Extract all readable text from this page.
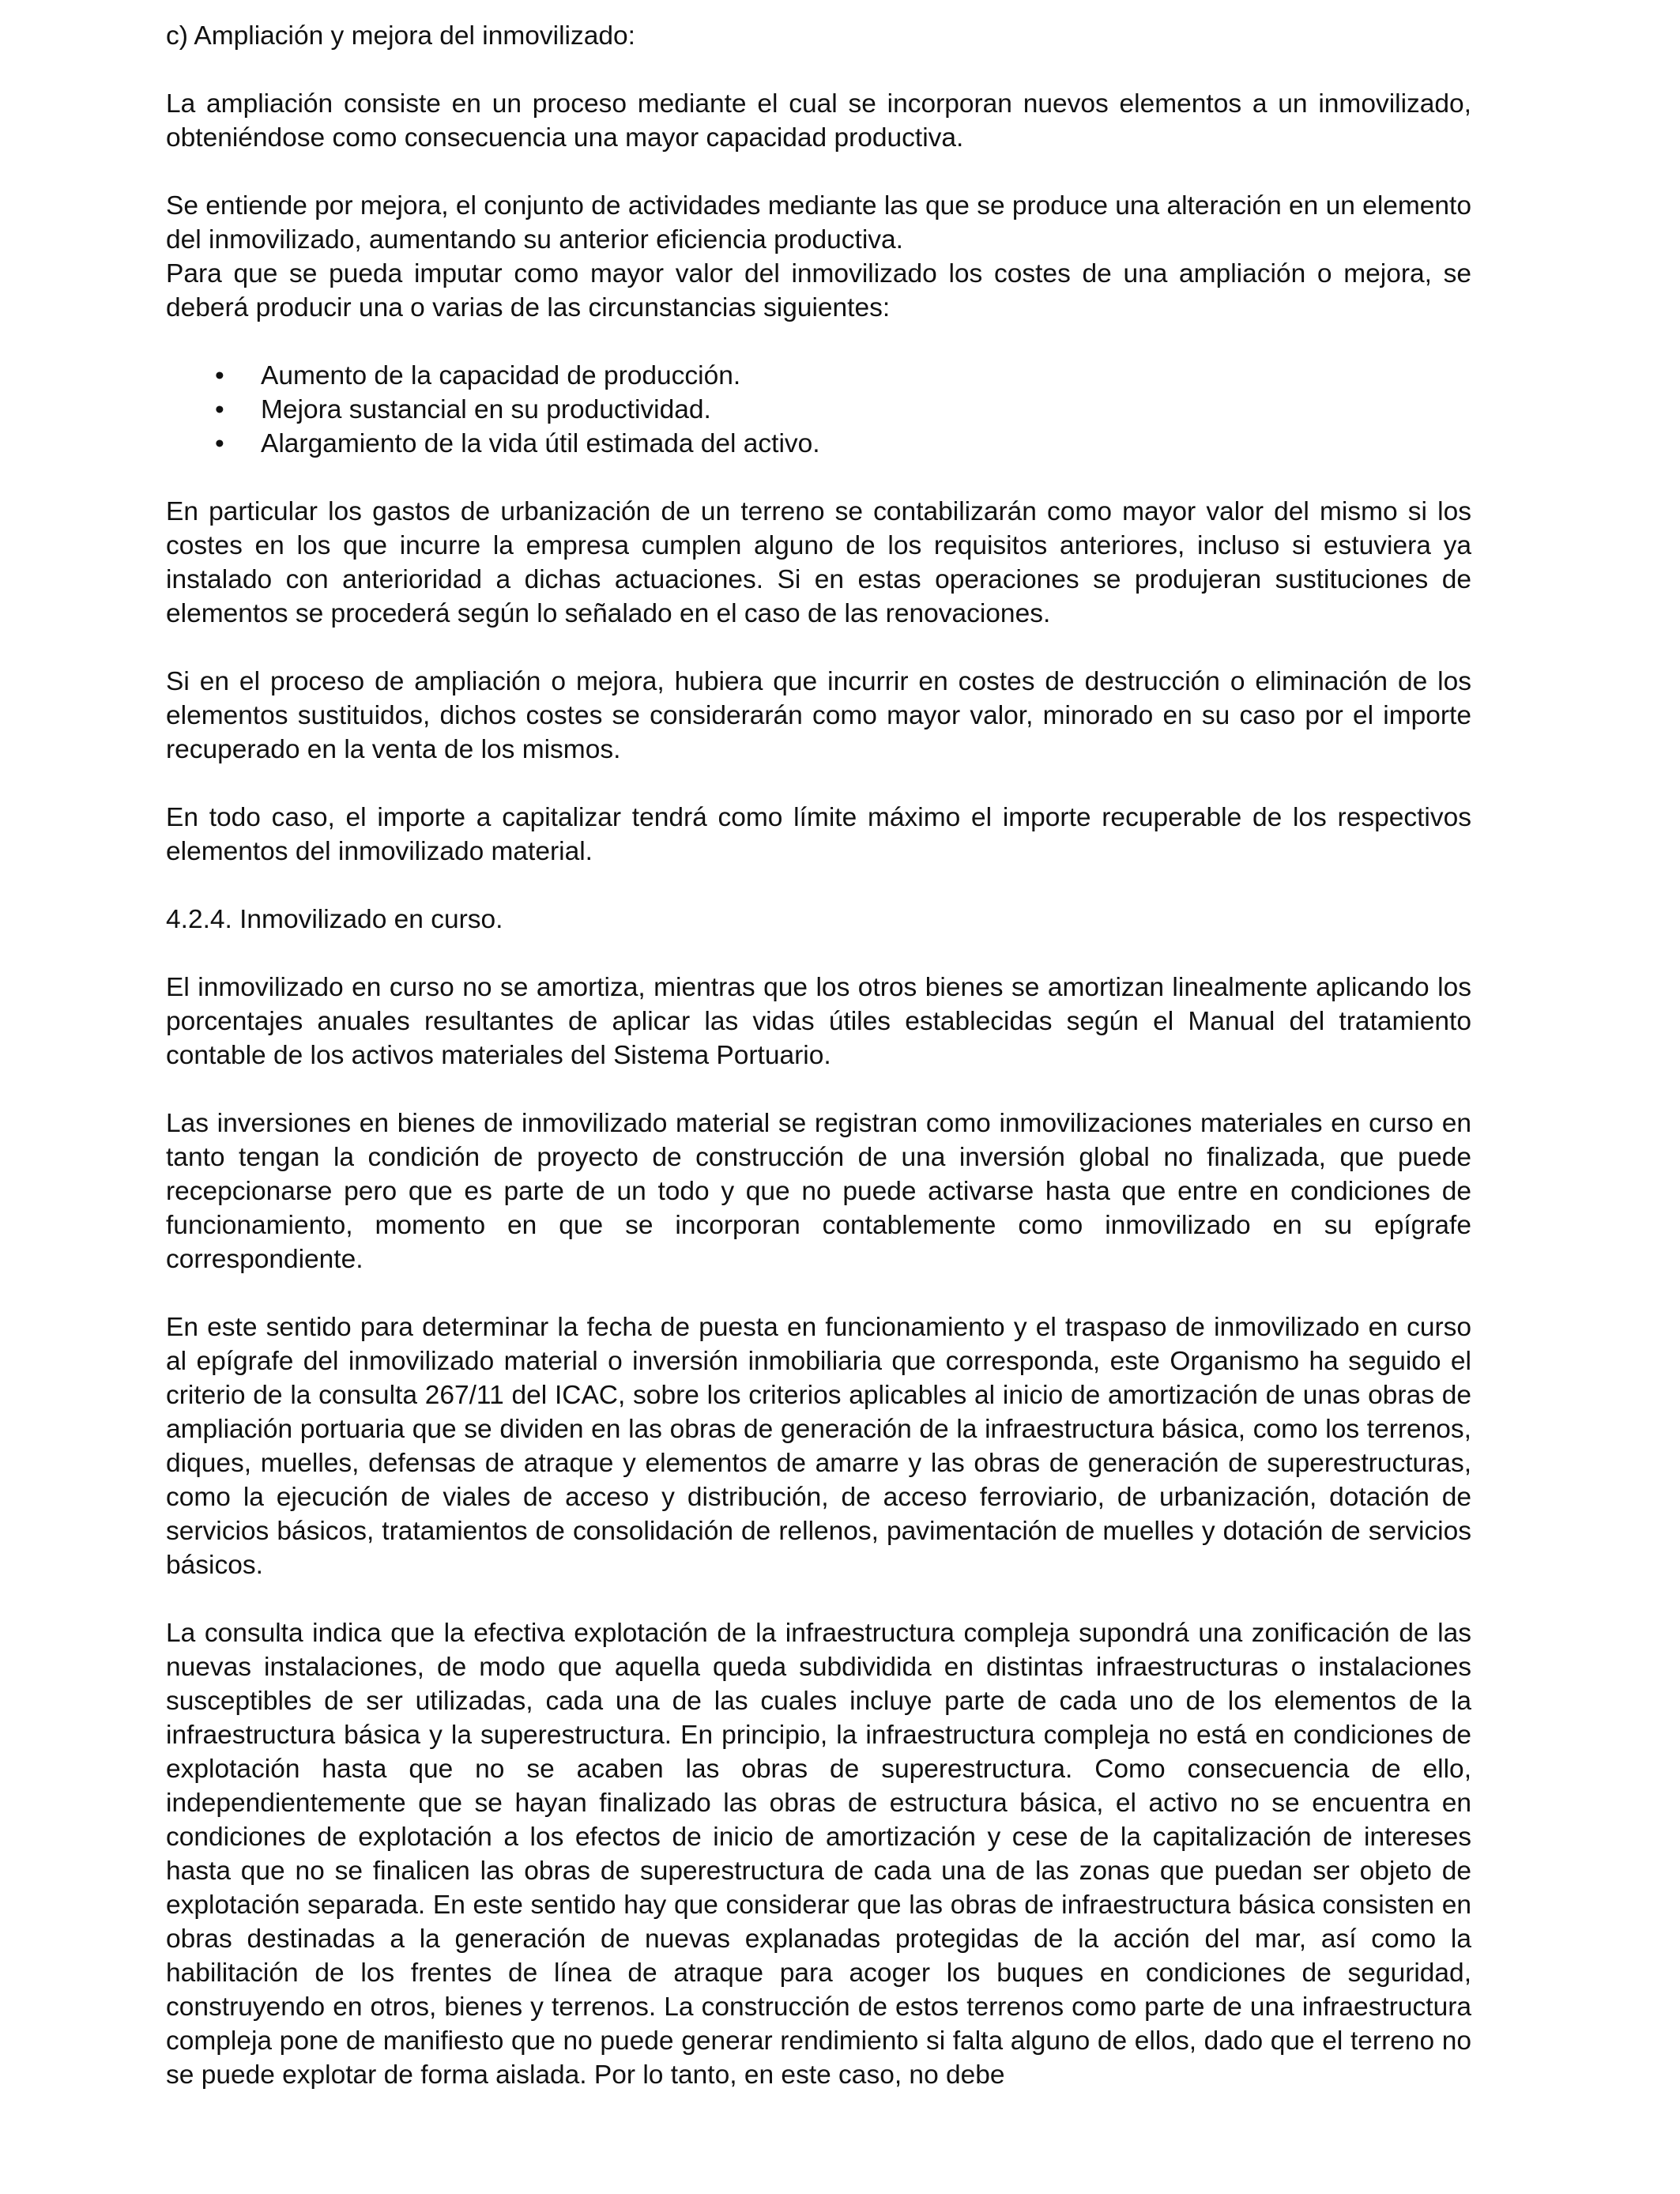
c) Ampliación y mejora del inmovilizado:

La ampliación consiste en un proceso mediante el cual se incorporan nuevos elementos a un inmovilizado, obteniéndose como consecuencia una mayor capacidad productiva.

Se entiende por mejora, el conjunto de actividades mediante las que se produce una alteración en un elemento del inmovilizado, aumentando su anterior eficiencia productiva.

Para que se pueda imputar como mayor valor del inmovilizado los costes de una ampliación o mejora, se deberá producir una o varias de las circunstancias siguientes:

• Aumento de la capacidad de producción.
• Mejora sustancial en su productividad.
• Alargamiento de la vida útil estimada del activo.

En particular los gastos de urbanización de un terreno se contabilizarán como mayor valor del mismo si los costes en los que incurre la empresa cumplen alguno de los requisitos anteriores, incluso si estuviera ya instalado con anterioridad a dichas actuaciones. Si en estas operaciones se produjeran sustituciones de elementos se procederá según lo señalado en el caso de las renovaciones.

Si en el proceso de ampliación o mejora, hubiera que incurrir en costes de destrucción o eliminación de los elementos sustituidos, dichos costes se considerarán como mayor valor, minorado en su caso por el importe recuperado en la venta de los mismos.

En todo caso, el importe a capitalizar tendrá como límite máximo el importe recuperable de los respectivos elementos del inmovilizado material.

4.2.4. Inmovilizado en curso.

El inmovilizado en curso no se amortiza, mientras que los otros bienes se amortizan linealmente aplicando los porcentajes anuales resultantes de aplicar las vidas útiles establecidas según el Manual del tratamiento contable de los activos materiales del Sistema Portuario.

Las inversiones en bienes de inmovilizado material se registran como inmovilizaciones materiales en curso en tanto tengan la condición de proyecto de construcción de una inversión global no finalizada, que puede recepcionarse pero que es parte de un todo y que no puede activarse hasta que entre en condiciones de funcionamiento, momento en que se incorporan contablemente como inmovilizado en su epígrafe correspondiente.

En este sentido para determinar la fecha de puesta en funcionamiento y el traspaso de inmovilizado en curso al epígrafe del inmovilizado material o inversión inmobiliaria que corresponda, este Organismo ha seguido el criterio de la consulta 267/11 del ICAC, sobre los criterios aplicables al inicio de amortización de unas obras de ampliación portuaria que se dividen en las obras de generación de la infraestructura básica, como los terrenos, diques, muelles, defensas de atraque y elementos de amarre y las obras de generación de superestructuras, como la ejecución de viales de acceso y distribución, de acceso ferroviario, de urbanización, dotación de servicios básicos, tratamientos de consolidación de rellenos, pavimentación de muelles y dotación de servicios básicos.

La consulta indica que la efectiva explotación de la infraestructura compleja supondrá una zonificación de las nuevas instalaciones, de modo que aquella queda subdividida en distintas infraestructuras o instalaciones susceptibles de ser utilizadas, cada una de las cuales incluye parte de cada uno de los elementos de la infraestructura básica y la superestructura. En principio, la infraestructura compleja no está en condiciones de explotación hasta que no se acaben las obras de superestructura. Como consecuencia de ello, independientemente que se hayan finalizado las obras de estructura básica, el activo no se encuentra en condiciones de explotación a los efectos de inicio de amortización y cese de la capitalización de intereses hasta que no se finalicen las obras de superestructura de cada una de las zonas que puedan ser objeto de explotación separada. En este sentido hay que considerar que las obras de infraestructura básica consisten en obras destinadas a la generación de nuevas explanadas protegidas de la acción del mar, así como la habilitación de los frentes de línea de atraque para acoger los buques en condiciones de seguridad, construyendo en otros, bienes y terrenos. La construcción de estos terrenos como parte de una infraestructura compleja pone de manifiesto que no puede generar rendimiento si falta alguno de ellos, dado que el terreno no se puede explotar de forma aislada. Por lo tanto, en este caso, no debe
